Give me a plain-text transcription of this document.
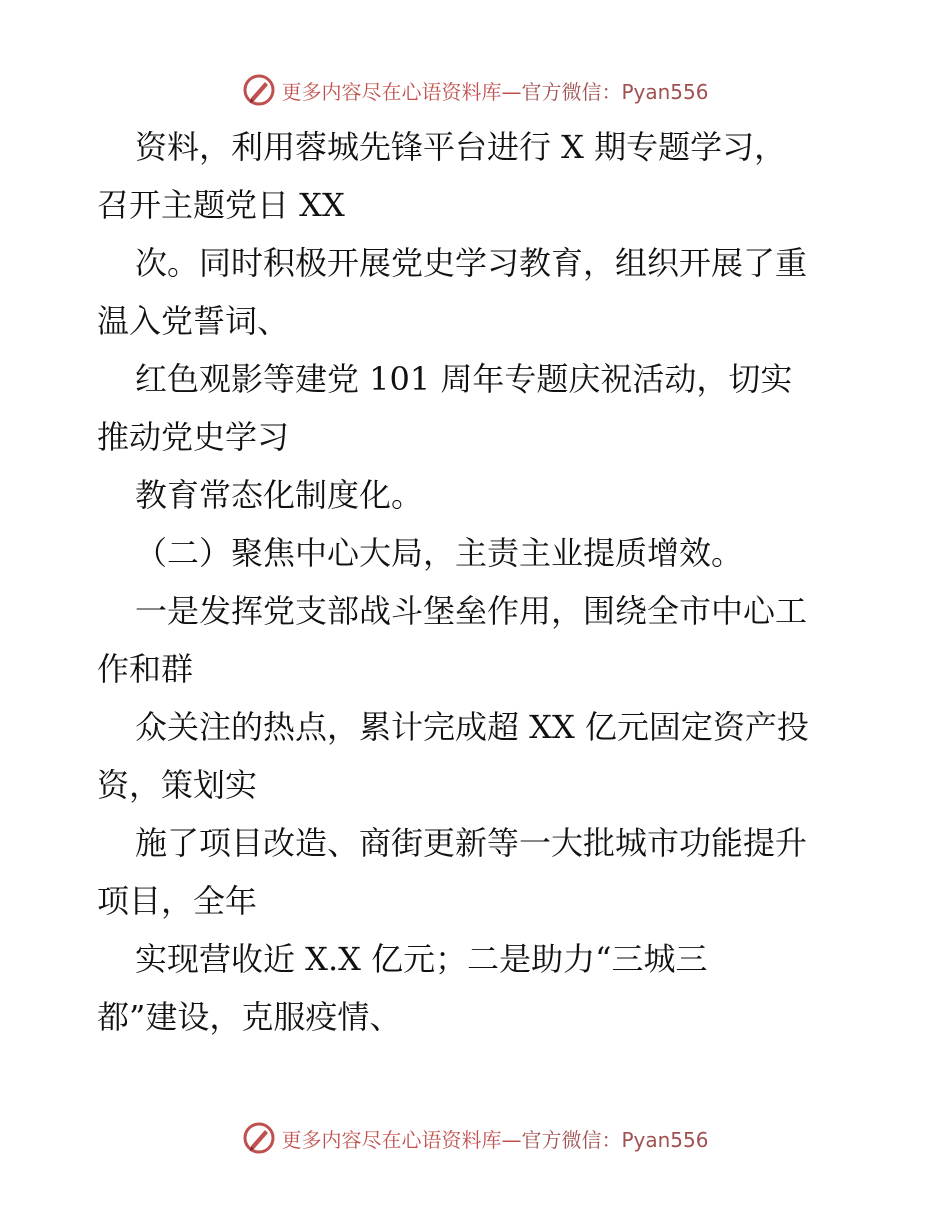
更多内容尽在心语资料库—官方微信：Pyan556
资料，利用蓉城先锋平台进行 X 期专题学习，
召开主题党日 XX
次。同时积极开展党史学习教育，组织开展了重
温入党誓词、
红色观影等建党 101 周年专题庆祝活动，切实
推动党史学习
教育常态化制度化。
（二）聚焦中心大局，主责主业提质增效。
一是发挥党支部战斗堡垒作用，围绕全市中心工
作和群
众关注的热点，累计完成超 XX 亿元固定资产投
资，策划实
施了项目改造、商街更新等一大批城市功能提升
项目，全年
实现营收近 X.X 亿元；二是助力“三城三
都”建设，克服疫情、
更多内容尽在心语资料库—官方微信：Pyan556
